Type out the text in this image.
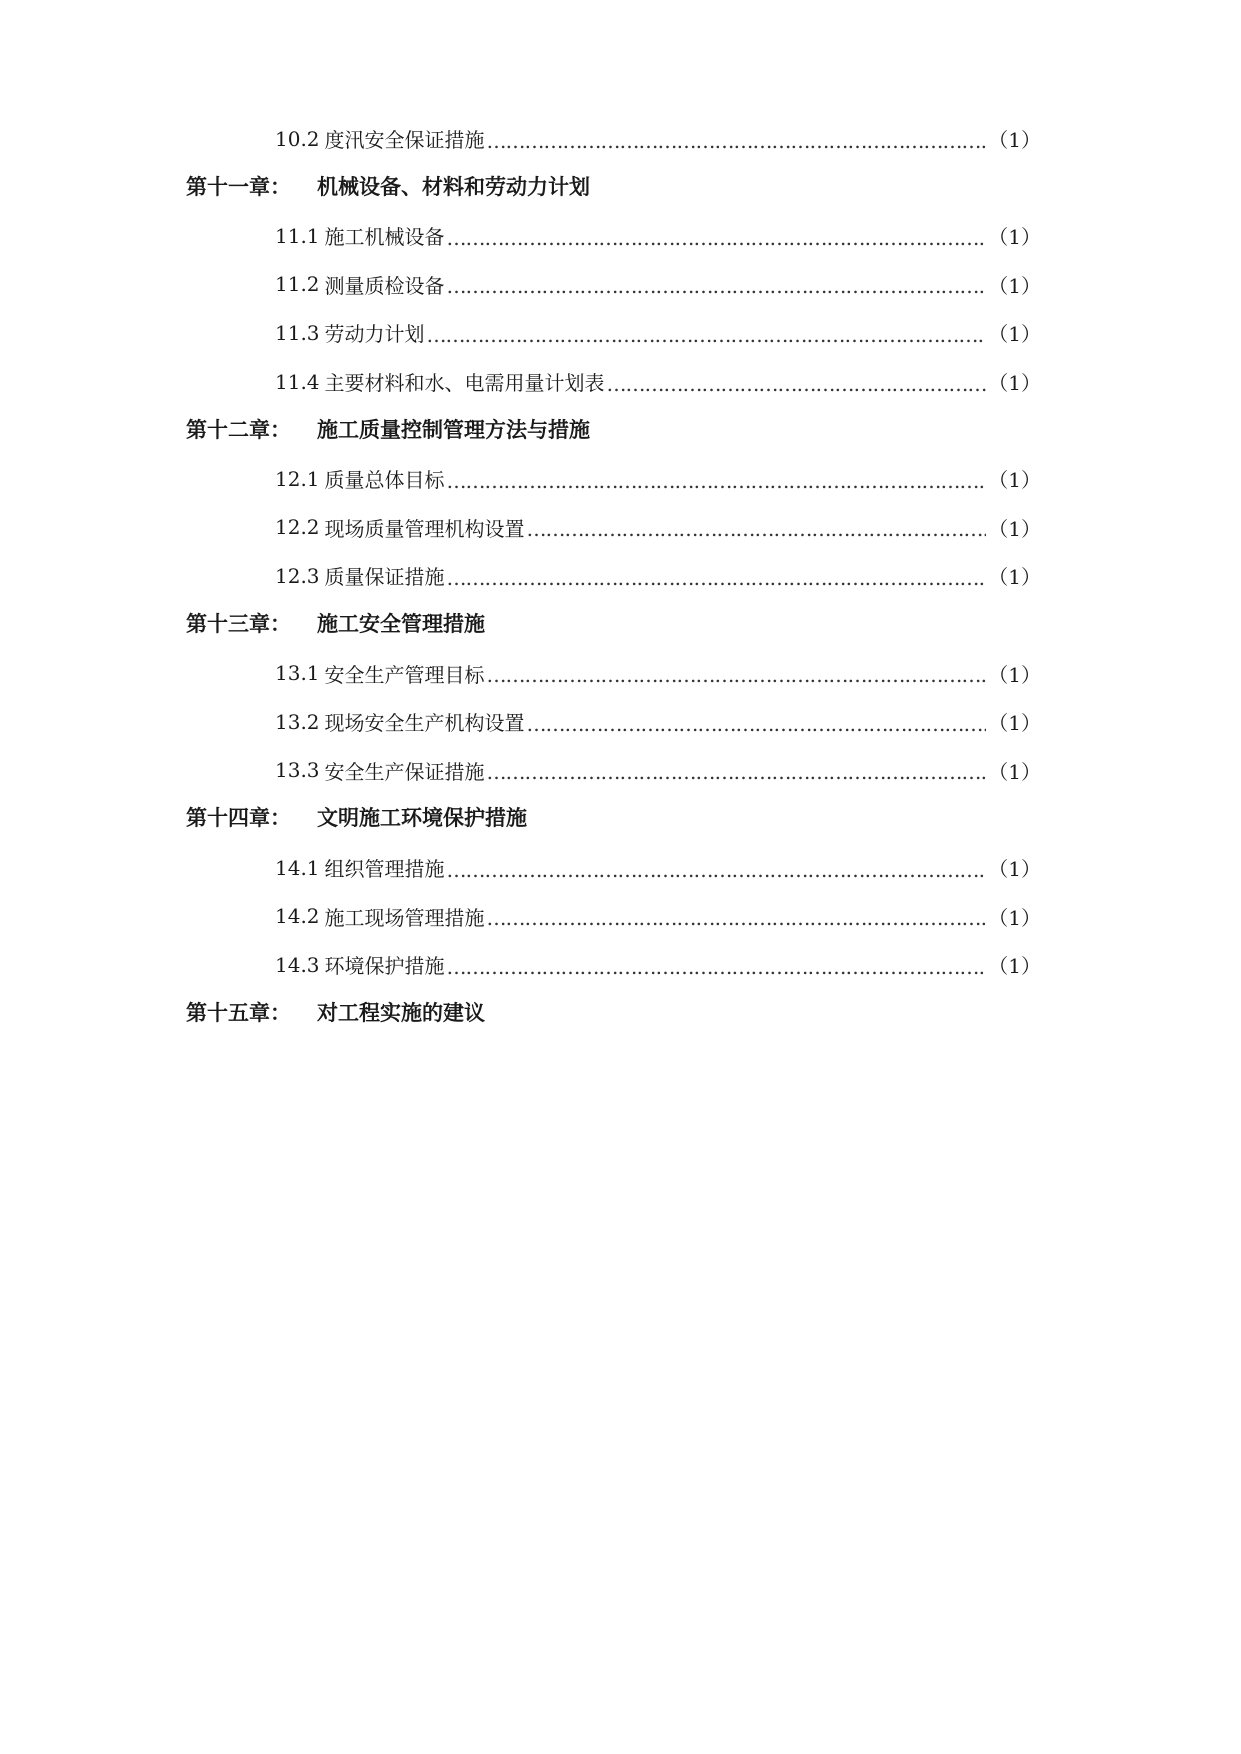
10.2 度汛安全保证措施 ………………………………………………………………………………………………………………………………………………	（1）
第十一章： 机械设备、材料和劳动力计划
11.1 施工机械设备 ………………………………………………………………………………………………………………………………………………	（1）
11.2 测量质检设备 ………………………………………………………………………………………………………………………………………………	（1）
11.3 劳动力计划 ………………………………………………………………………………………………………………………………………………	（1）
11.4 主要材料和水、电需用量计划表 ………………………………………………………………………………………………………………………………………………	（1）
第十二章： 施工质量控制管理方法与措施
12.1 质量总体目标 ………………………………………………………………………………………………………………………………………………	（1）
12.2 现场质量管理机构设置 ………………………………………………………………………………………………………………………………………………	（1）
12.3 质量保证措施 ………………………………………………………………………………………………………………………………………………	（1）
第十三章： 施工安全管理措施
13.1 安全生产管理目标 ………………………………………………………………………………………………………………………………………………	（1）
13.2 现场安全生产机构设置 ………………………………………………………………………………………………………………………………………………	（1）
13.3 安全生产保证措施 ………………………………………………………………………………………………………………………………………………	（1）
第十四章： 文明施工环境保护措施
14.1 组织管理措施 ………………………………………………………………………………………………………………………………………………	（1）
14.2 施工现场管理措施 ………………………………………………………………………………………………………………………………………………	（1）
14.3 环境保护措施 ………………………………………………………………………………………………………………………………………………	（1）
第十五章： 对工程实施的建议
